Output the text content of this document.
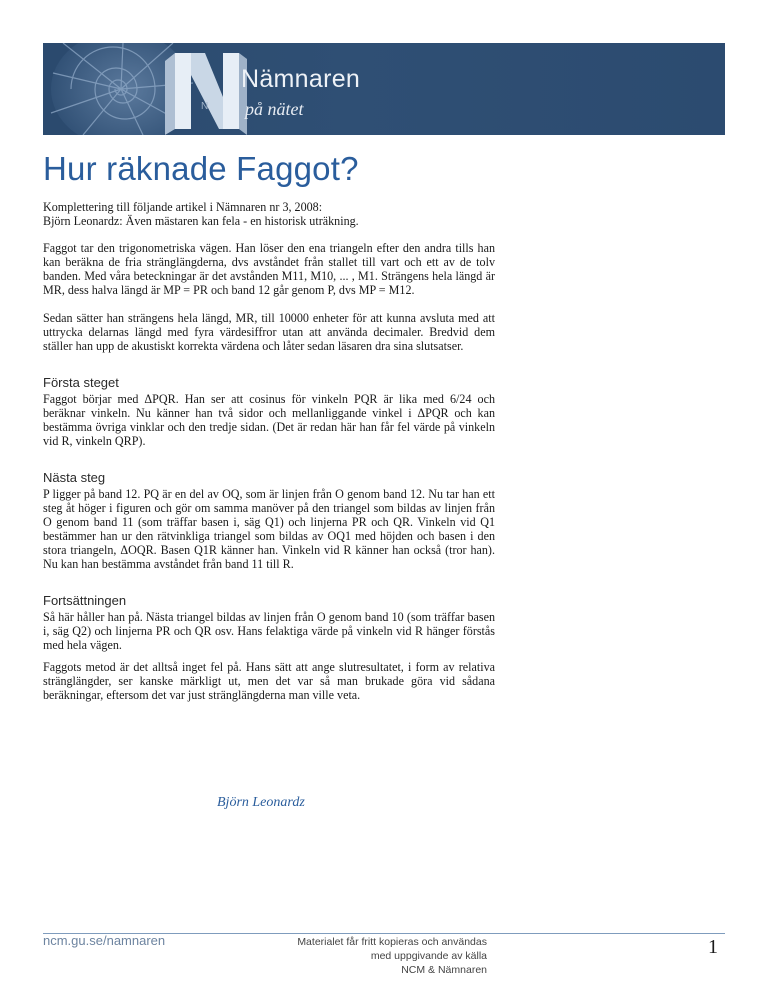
N
Nämnaren
på nätet
Hur räknade Faggot?

Komplettering till följande artikel i Nämnaren nr 3, 2008:
Björn Leonardz: Även mästaren kan fela - en historisk uträkning.

Faggot tar den trigonometriska vägen. Han löser den ena triangeln efter den andra tills han kan beräkna de fria stränglängderna, dvs avståndet från stallet till vart och ett av de tolv banden. Med våra beteckningar är det avstånden M11, M10, ... , M1. Strängens hela längd är MR, dess halva längd är MP = PR och band 12 går genom P, dvs MP = M12.

Sedan sätter han strängens hela längd, MR, till 10000 enheter för att kunna avsluta med att uttrycka delarnas längd med fyra värdesiffror utan att använda decimaler. Bredvid dem ställer han upp de akustiskt korrekta värdena och låter sedan läsaren dra sina slutsatser.

Första steget

Faggot börjar med ΔPQR. Han ser att cosinus för vinkeln PQR är lika med 6/24 och beräknar vinkeln. Nu känner han två sidor och mellanliggande vinkel i ΔPQR och kan bestämma övriga vinklar och den tredje sidan. (Det är redan här han får fel värde på vinkeln vid R, vinkeln QRP).

Nästa steg

P ligger på band 12. PQ är en del av OQ, som är linjen från O genom band 12. Nu tar han ett steg åt höger i figuren och gör om samma manöver på den triangel som bildas av linjen från O genom band 11 (som träffar basen i, säg Q1) och linjerna PR och QR. Vinkeln vid Q1 bestämmer han ur den rätvinkliga triangel som bildas av OQ1 med höjden och basen i den stora triangeln, ΔOQR. Basen Q1R känner han. Vinkeln vid R känner han också (tror han). Nu kan han bestämma avståndet från band 11 till R.

Fortsättningen

Så här håller han på. Nästa triangel bildas av linjen från O genom band 10 (som träffar basen i, säg Q2) och linjerna PR och QR osv. Hans felaktiga värde på vinkeln vid R hänger förstås med hela vägen.

Faggots metod är det alltså inget fel på. Hans sätt att ange slutresultatet, i form av relativa stränglängder, ser kanske märkligt ut, men det var så man brukade göra vid sådana beräkningar, eftersom det var just stränglängderna man ville veta.

Björn Leonardz
ncm.gu.se/namnaren	Materialet får fritt kopieras och användas
med uppgivande av källa
NCM & Nämnaren
1
